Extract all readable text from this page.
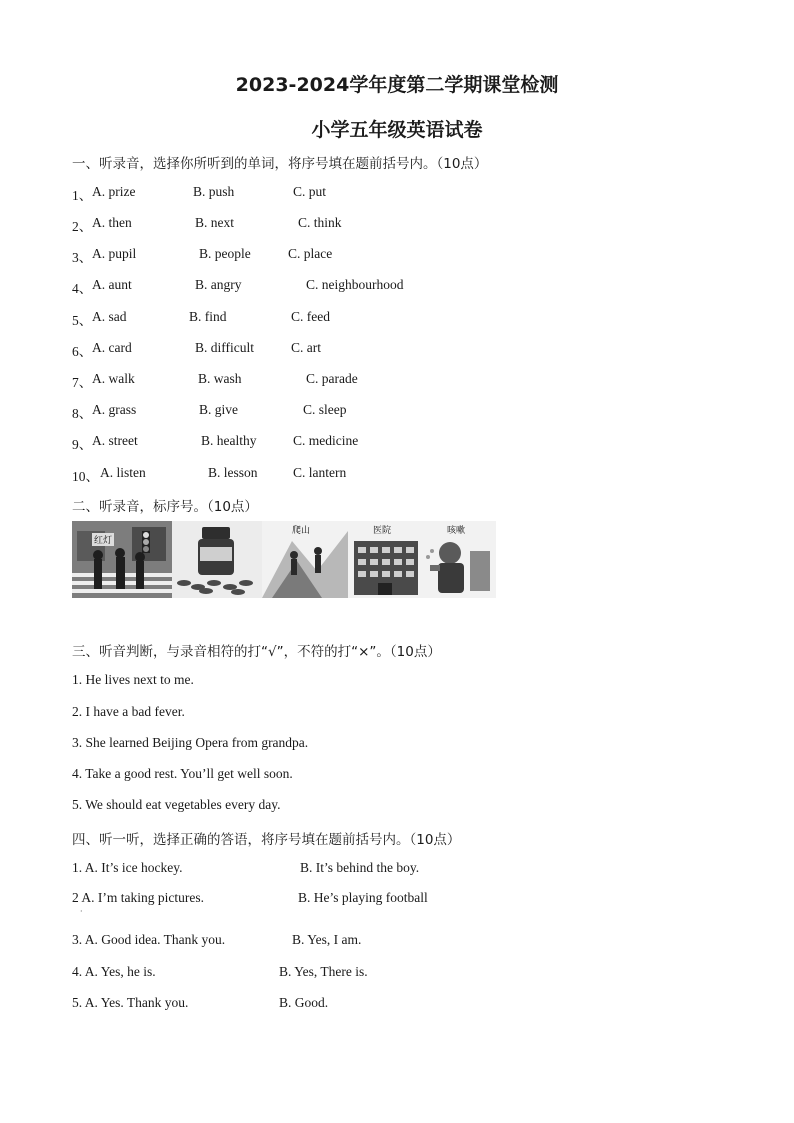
2023-2024学年度第二学期课堂检测
小学五年级英语试卷
一、听录音，选择你所听到的单词，将序号填在题前括号内。（10点）
1、 A. prize	B. push	C. put
2、 A. then	B. next	C. think
3、 A. pupil	B. people	C. place
4、 A. aunt	B. angry	C. neighbourhood
5、 A. sad	B. find	C. feed
6、 A. card	B. difficult	C. art
7、 A. walk	B. wash	C. parade
8、 A. grass	B. give	C. sleep
9、 A. street	B. healthy	C. medicine
10、 A. listen	B. lesson	C. lantern
二、听录音，标序号。（10点）
红灯
爬山	医院	咳嗽
三、听音判断，与录音相符的打“√”，不符的打“×”。（10点）
1. He lives next to me.
2. I have a bad fever.
3. She learned Beijing Opera from grandpa.
4. Take a good rest. You’ll get well soon.
5. We should eat vegetables every day.
四、听一听，选择正确的答语，将序号填在题前括号内。（10点）
1. A. It’s ice hockey.	B. It’s behind the boy.
2 A. I’m taking pictures.	B. He’s playing football
3. A. Good idea. Thank you.	B. Yes, I am.
4. A. Yes, he is.	B. Yes, There is.
5. A. Yes. Thank you.	B. Good.
·
